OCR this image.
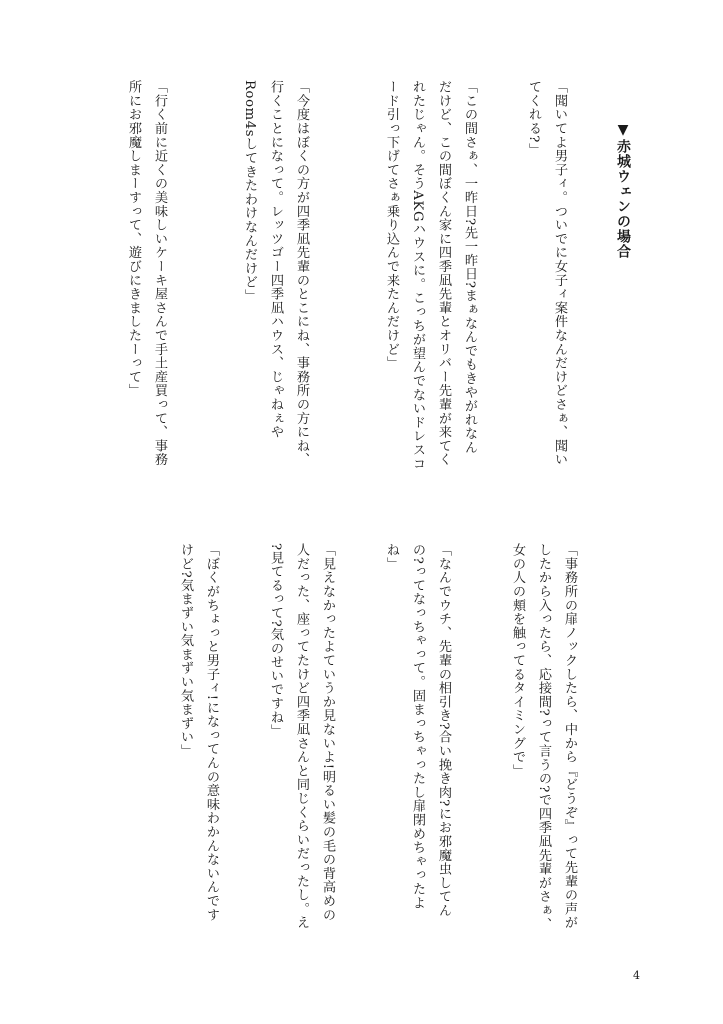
▼赤城ウェンの場合

「聞いてよ男子ィ。ついでに女子ィ案件なんだけどさぁ、聞い
てくれる?」

「この間さぁ、一昨日?先一昨日?まぁなんでもきやがれなん
だけど、この間ぼくん家に四季凪先輩とオリバー先輩が来てく
れたじゃん。そうAKGハウスに。こっちが望んでないドレスコ
ード引っ下げてさぁ乗り込んで来たんだけど」

「今度はぼくの方が四季凪先輩のとこにね、事務所の方にね、
行くことになって。レッツゴー四季凪ハウス、じゃねぇや
Room4sしてきたわけなんだけど」

「行く前に近くの美味しいケーキ屋さんで手土産買って、事務
所にお邪魔しまーすって、遊びにきましたーって」

「事務所の扉ノックしたら、中から『どうぞ』って先輩の声が
したから入ったら、応接間?って言うの?で四季凪先輩がさぁ、
女の人の頬を触ってるタイミングで」

「なんでウチ、先輩の相引き?合い挽き肉?にお邪魔虫してん
の?ってなっちゃって。固まっちゃったし扉閉めちゃったよ
ね」

「見えなかったよていうか見ないよ!明るい髪の毛の背高めの
人だった、座ってたけど四季凪さんと同じくらいだったし。え
?見てるって?気のせいですね」

「ぼくがちょっと男子ィ!になってんの意味わかんないんです
けど?気まずい気まずい気まずい」

4
